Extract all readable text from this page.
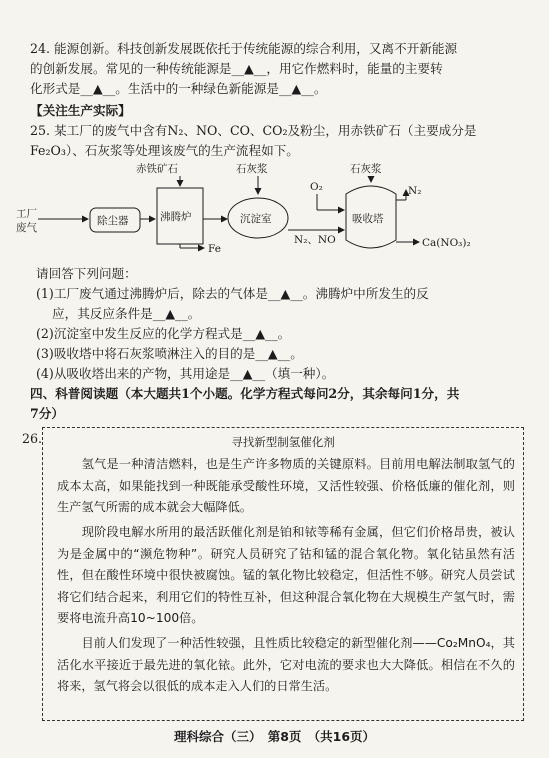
24. 能源创新。科技创新发展既依托于传统能源的综合利用，又离不开新能源
的创新发展。常见的一种传统能源是__▲__，用它作燃料时，能量的主要转
化形式是__▲__。生活中的一种绿色新能源是__▲__。
【关注生产实际】
25. 某工厂的废气中含有N₂、NO、CO、CO₂及粉尘，用赤铁矿石（主要成分是
Fe₂O₃）、石灰浆等处理该废气的生产流程如下。
工厂
废气
除尘器
赤铁矿石
沸腾炉
Fe
石灰浆
沉淀室
N₂、NO
O₂
石灰浆
吸收塔
N₂
Ca(NO₃)₂
请回答下列问题：
(1)工厂废气通过沸腾炉后，除去的气体是__▲__。沸腾炉中所发生的反
应，其反应条件是__▲__。
(2)沉淀室中发生反应的化学方程式是__▲__。
(3)吸收塔中将石灰浆喷淋注入的目的是__▲__。
(4)从吸收塔出来的产物，其用途是__▲__（填一种）。
四、科普阅读题（本大题共1个小题。化学方程式每问2分，其余每问1分，共
7分）
26.	寻找新型制氢催化剂
　　氢气是一种清洁燃料，也是生产许多物质的关键原料。目前用电解法制取氢气的成本太高，如果能找到一种既能承受酸性环境，又活性较强、价格低廉的催化剂，则生产氢气所需的成本就会大幅降低。
　　现阶段电解水所用的最活跃催化剂是铂和铱等稀有金属，但它们价格昂贵，被认为是金属中的“濒危物种”。研究人员研究了钴和锰的混合氧化物。氧化钴虽然有活性，但在酸性环境中很快被腐蚀。锰的氧化物比较稳定，但活性不够。研究人员尝试将它们结合起来，利用它们的特性互补，但这种混合氧化物在大规模生产氢气时，需要将电流升高10~100倍。
　　目前人们发现了一种活性较强，且性质比较稳定的新型催化剂——Co₂MnO₄，其活化水平接近于最先进的氧化铱。此外，它对电流的要求也大大降低。相信在不久的将来，氢气将会以很低的成本走入人们的日常生活。
理科综合（三）　第8页　（共16页）
